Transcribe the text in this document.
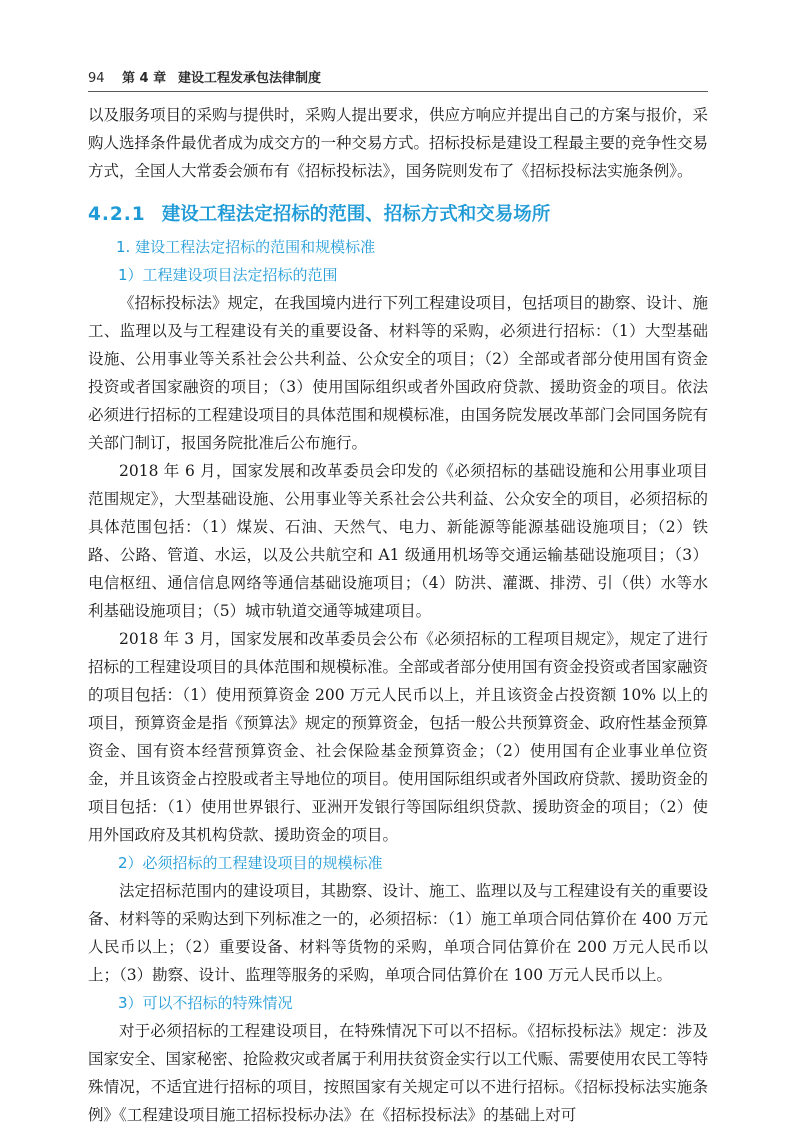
94 第 4 章 建设工程发承包法律制度

以及服务项目的采购与提供时，采购人提出要求，供应方响应并提出自己的方案与报价，采购人选择条件最优者成为成交方的一种交易方式。招标投标是建设工程最主要的竞争性交易方式，全国人大常委会颁布有《招标投标法》，国务院则发布了《招标投标法实施条例》。

4.2.1 建设工程法定招标的范围、招标方式和交易场所
1. 建设工程法定招标的范围和规模标准
1）工程建设项目法定招标的范围

《招标投标法》规定，在我国境内进行下列工程建设项目，包括项目的勘察、设计、施工、监理以及与工程建设有关的重要设备、材料等的采购，必须进行招标：（1）大型基础设施、公用事业等关系社会公共利益、公众安全的项目；（2）全部或者部分使用国有资金投资或者国家融资的项目；（3）使用国际组织或者外国政府贷款、援助资金的项目。依法必须进行招标的工程建设项目的具体范围和规模标准，由国务院发展改革部门会同国务院有关部门制订，报国务院批准后公布施行。

2018 年 6 月，国家发展和改革委员会印发的《必须招标的基础设施和公用事业项目范围规定》，大型基础设施、公用事业等关系社会公共利益、公众安全的项目，必须招标的具体范围包括：（1）煤炭、石油、天然气、电力、新能源等能源基础设施项目；（2）铁路、公路、管道、水运，以及公共航空和 A1 级通用机场等交通运输基础设施项目；（3）电信枢纽、通信信息网络等通信基础设施项目；（4）防洪、灌溉、排涝、引（供）水等水利基础设施项目；（5）城市轨道交通等城建项目。

2018 年 3 月，国家发展和改革委员会公布《必须招标的工程项目规定》，规定了进行招标的工程建设项目的具体范围和规模标准。全部或者部分使用国有资金投资或者国家融资的项目包括：（1）使用预算资金 200 万元人民币以上，并且该资金占投资额 10% 以上的项目，预算资金是指《预算法》规定的预算资金，包括一般公共预算资金、政府性基金预算资金、国有资本经营预算资金、社会保险基金预算资金；（2）使用国有企业事业单位资金，并且该资金占控股或者主导地位的项目。使用国际组织或者外国政府贷款、援助资金的项目包括：（1）使用世界银行、亚洲开发银行等国际组织贷款、援助资金的项目；（2）使用外国政府及其机构贷款、援助资金的项目。

2）必须招标的工程建设项目的规模标准

法定招标范围内的建设项目，其勘察、设计、施工、监理以及与工程建设有关的重要设备、材料等的采购达到下列标准之一的，必须招标：（1）施工单项合同估算价在 400 万元人民币以上；（2）重要设备、材料等货物的采购，单项合同估算价在 200 万元人民币以上；（3）勘察、设计、监理等服务的采购，单项合同估算价在 100 万元人民币以上。

3）可以不招标的特殊情况

对于必须招标的工程建设项目，在特殊情况下可以不招标。《招标投标法》规定：涉及国家安全、国家秘密、抢险救灾或者属于利用扶贫资金实行以工代赈、需要使用农民工等特殊情况，不适宜进行招标的项目，按照国家有关规定可以不进行招标。《招标投标法实施条例》《工程建设项目施工招标投标办法》在《招标投标法》的基础上对可
